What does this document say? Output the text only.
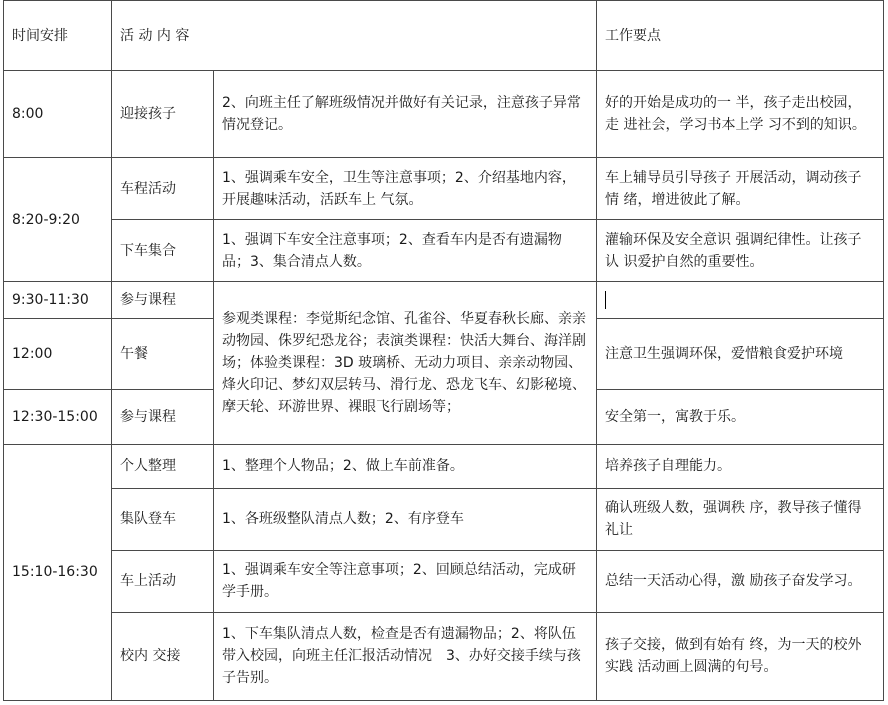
时间安排	活 动 内 容		工作要点
8:00	迎接孩子	2、向班主任了解班级情况并做好有关记录，注意孩子异常情况登记。	好的开始是成功的一 半，孩子走出校园，走 进社会，学习书本上学 习不到的知识。
8:20-9:20	车程活动	1、强调乘车安全，卫生等注意事项；2、介绍基地内容，开展趣味活动，活跃车上 气氛。	车上辅导员引导孩子 开展活动，调动孩子情 绪，增进彼此了解。
	下车集合	1、强调下车安全注意事项；2、查看车内是否有遗漏物品；3、集合清点人数。	灌输环保及安全意识 强调纪律性。让孩子认 识爱护自然的重要性。
9:30-11:30	参与课程	参观类课程：李觉斯纪念馆、孔雀谷、华夏春秋长廊、亲亲动物园、侏罗纪恐龙谷；表演类课程：快活大舞台、海洋剧场；体验类课程：3D 玻璃桥、无动力项目、亲亲动物园、烽火印记、梦幻双层转马、滑行龙、恐龙飞车、幻影秘境、摩天轮、环游世界、裸眼飞行剧场等；	
12:00	午餐		注意卫生强调环保，爱惜粮食爱护环境
12:30-15:00	参与课程		安全第一，寓教于乐。
15:10-16:30	个人整理	1、整理个人物品；2、做上车前准备。	培养孩子自理能力。
	集队登车	1、各班级整队清点人数；2、有序登车	确认班级人数，强调秩 序，教导孩子懂得礼让
	车上活动	1、强调乘车安全等注意事项；2、回顾总结活动，完成研学手册。	总结一天活动心得，激 励孩子奋发学习。
	校内 交接	1、下车集队清点人数，检查是否有遗漏物品；2、将队伍带入校园，向班主任汇报活动情况　3、办好交接手续与孩子告别。	孩子交接，做到有始有 终，为一天的校外实践 活动画上圆满的句号。
